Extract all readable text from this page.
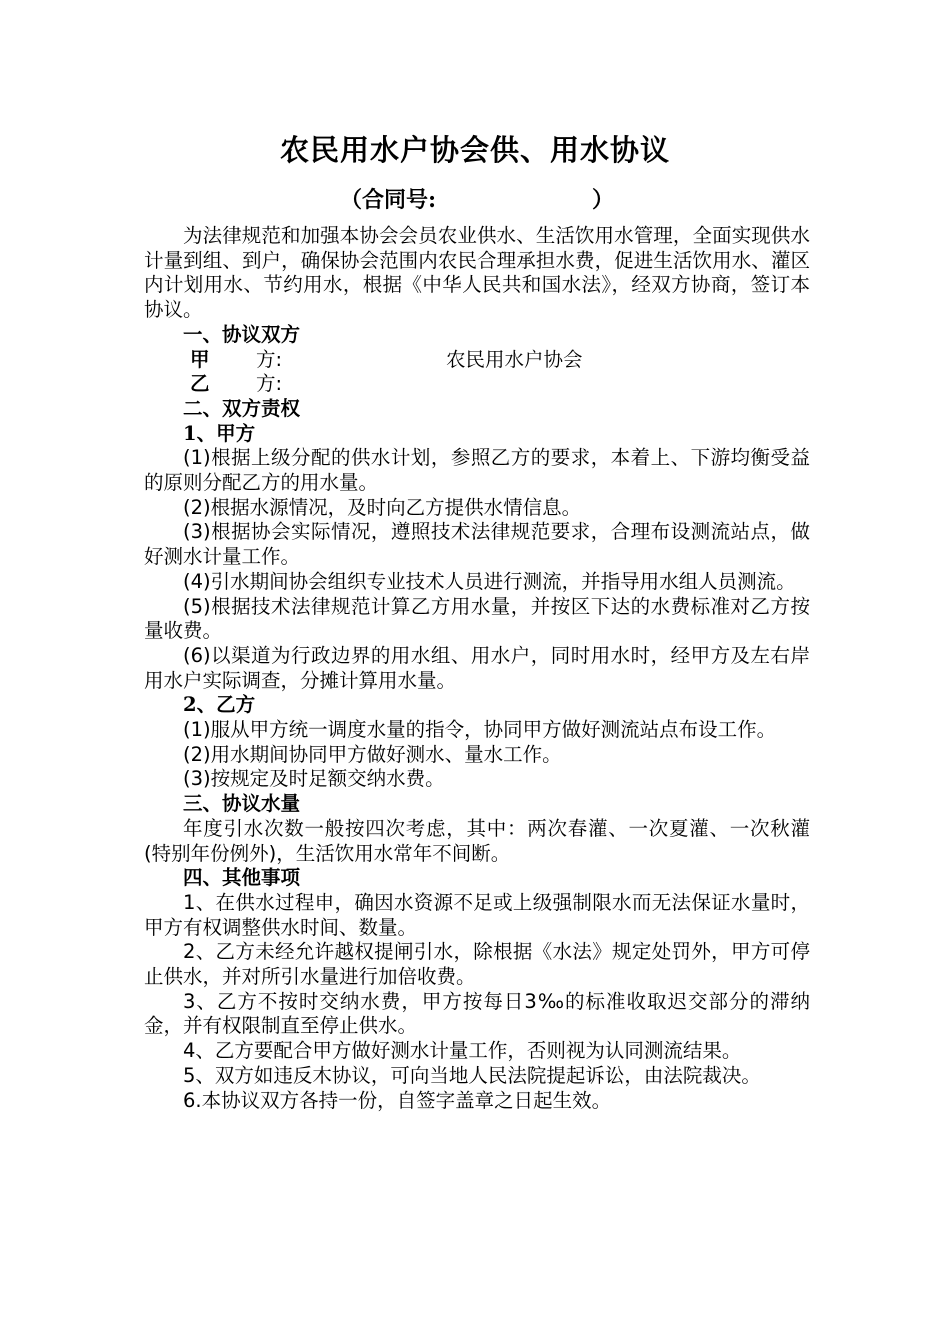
农民用水户协会供、用水协议
（ 合同号:	）

为法律规范和加强本协会会员农业供水、生活饮用水管理，全面实现供水计量到组、到户，确保协会范围内农民合理承担水费，促进生活饮用水、灌区内计划用水、节约用水，根据《中华人民共和国水法》，经双方协商，签订本协议。

一、协议双方

甲 方:	农民用水户协会
乙 方:

二、双方责权

1、甲方

(1)根据上级分配的供水计划，参照乙方的要求，本着上、下游均衡受益的原则分配乙方的用水量。

(2)根据水源情况，及时向乙方提供水情信息。

(3)根据协会实际情况，遵照技术法律规范要求，合理布设测流站点，做好测水计量工作。

(4)引水期间协会组织专业技术人员进行测流，并指导用水组人员测流。

(5)根据技术法律规范计算乙方用水量，并按区下达的水费标准对乙方按量收费。

(6)以渠道为行政边界的用水组、用水户，同时用水时，经甲方及左右岸用水户实际调查，分摊计算用水量。

2、乙方

(1)服从甲方统一调度水量的指令，协同甲方做好测流站点布设工作。

(2)用水期间协同甲方做好测水、量水工作。

(3)按规定及时足额交纳水费。

三、协议水量

年度引水次数一般按四次考虑，其中：两次春灌、一次夏灌、一次秋灌(特别年份例外)，生活饮用水常年不间断。

四、其他事项

1、在供水过程申，确因水资源不足或上级强制限水而无法保证水量时，甲方有权调整供水时间、数量。

2、乙方未经允许越权提闸引水，除根据《水法》规定处罚外，甲方可停止供水，并对所引水量进行加倍收费。

3、乙方不按时交纳水费，甲方按每日3‰的标准收取迟交部分的滞纳金，并有权限制直至停止供水。

4、乙方要配合甲方做好测水计量工作，否则视为认同测流结果。

5、双方如违反木协议，可向当地人民法院提起诉讼，由法院裁决。

6.本协议双方各持一份，自签字盖章之日起生效。
